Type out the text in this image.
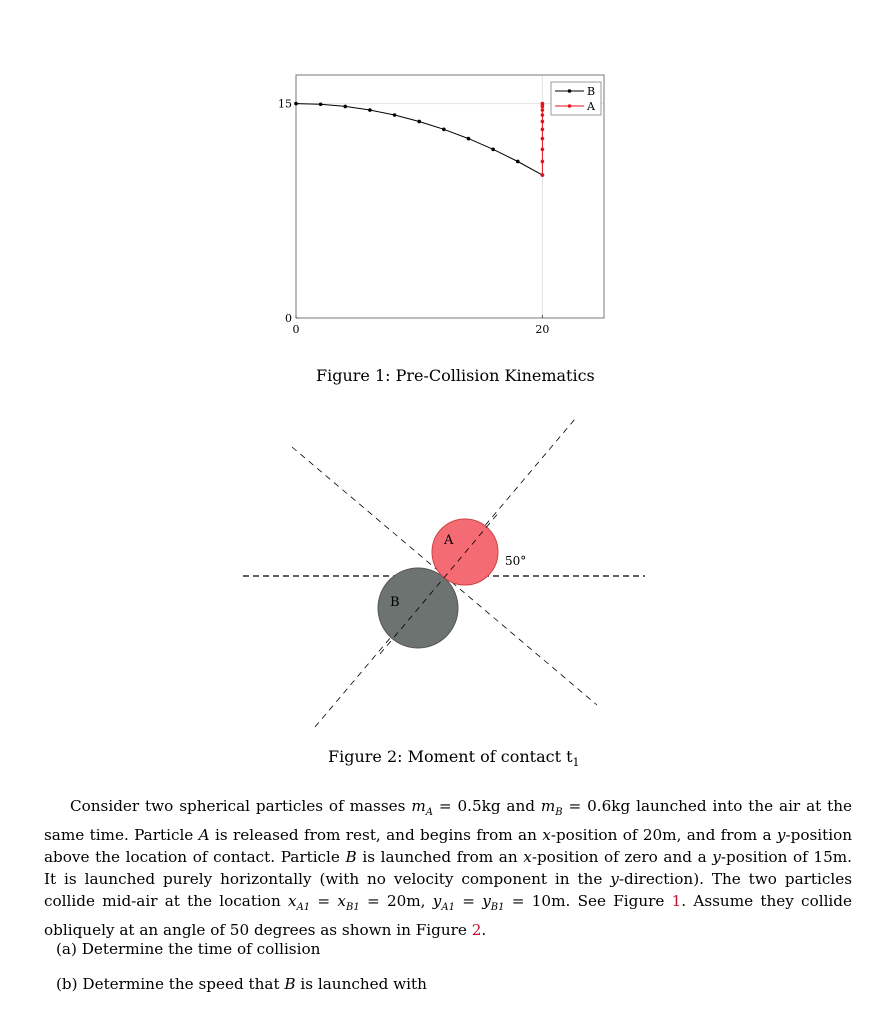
0	20
0
15
B
A
Figure 1: Pre-Collision Kinematics
A
B
50°
Figure 2: Moment of contact $t_1$

Consider two spherical particles of masses $m_A = 0.5kg$ and $m_B = 0.6kg$ launched into the air at the same time. Particle A is released from rest, and begins from an x-position of 20m, and from a y-position above the location of contact. Particle B is launched from an x-position of zero and a y-position of 15m. It is launched purely horizontally (with no velocity component in the y-direction). The two particles collide mid-air at the location $x_{A1} = x_{B1} = 20m$, $y_{A1} = y_{B1} = 10m$. See Figure 1. Assume they collide obliquely at an angle of 50 degrees as shown in Figure 2.

(a) Determine the time of collision
(b) Determine the speed that B is launched with
